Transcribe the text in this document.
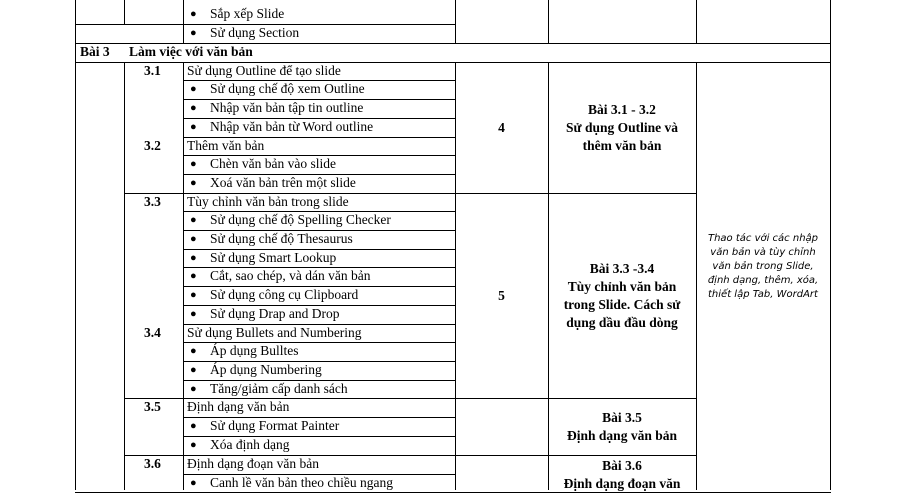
● Sắp xếp Slide
● Sử dụng Section
Bài 3 Làm việc với văn bản
3.1 Sử dụng Outline để tạo slide
● Sử dụng chế độ xem Outline
● Nhập văn bản tập tin outline
● Nhập văn bản từ Word outline
3.2 Thêm văn bản
● Chèn văn bản vào slide
● Xoá văn bản trên một slide
3.3 Tùy chỉnh văn bản trong slide
● Sử dụng chế độ Spelling Checker
● Sử dụng chế độ Thesaurus
● Sử dụng Smart Lookup
● Cắt, sao chép, và dán văn bản
● Sử dụng công cụ Clipboard
● Sử dụng Drap and Drop
3.4 Sử dụng Bullets and Numbering
● Áp dụng Bulltes
● Áp dụng Numbering
● Tăng/giảm cấp danh sách
3.5 Định dạng văn bản
● Sử dụng Format Painter
● Xóa định dạng
3.6 Định dạng đoạn văn bản
● Canh lề văn bản theo chiều ngang
4
Bài 3.1 - 3.2
Sử dụng Outline và
thêm văn bản
5
Bài 3.3 -3.4
Tùy chỉnh văn bản
trong Slide. Cách sử
dụng dầu đầu dòng
Bài 3.5
Định dạng văn bản
Bài 3.6
Định dạng đoạn văn
Thao tác với các nhập
văn bản và tùy chỉnh
văn bản trong Slide,
định dạng, thêm, xóa,
thiết lập Tab, WordArt
